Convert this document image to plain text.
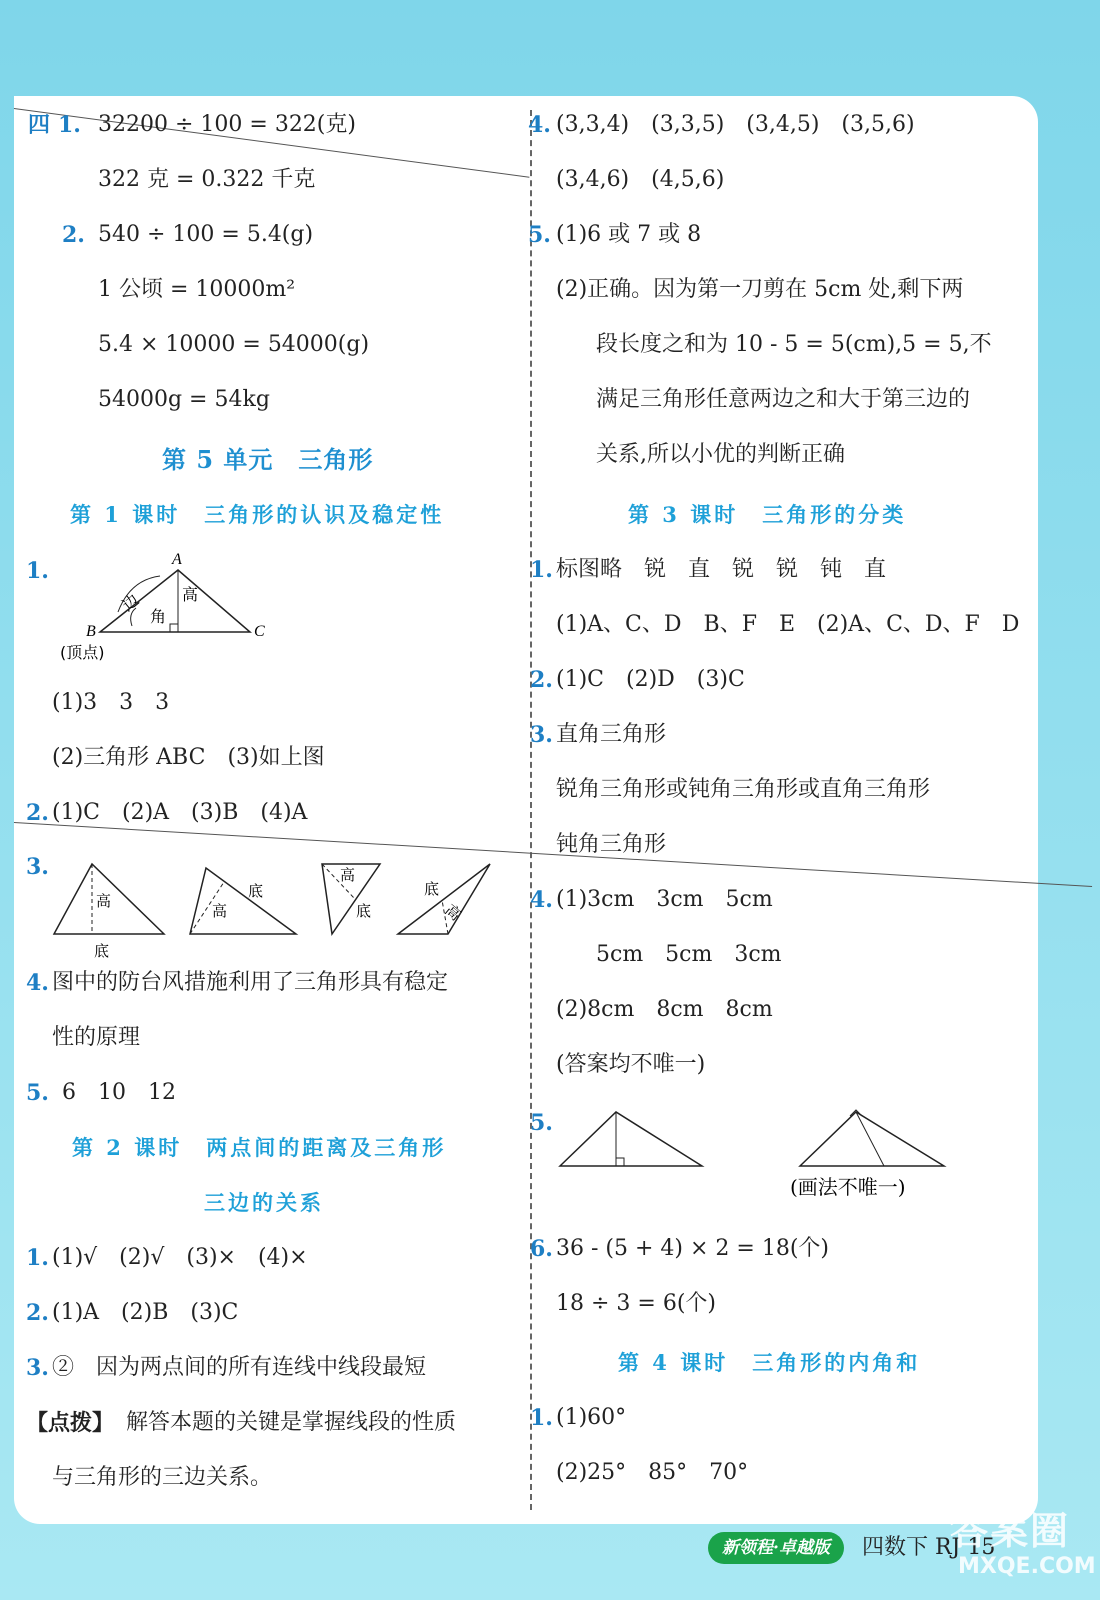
四 1. 32200 ÷ 100 = 322(克)
322 克 = 0.322 千克
2. 540 ÷ 100 = 5.4(g)
1 公顷 = 10000m²
5.4 × 10000 = 54000(g)
54000g = 54kg
第 5 单元　三角形
第 1 课时　三角形的认识及稳定性
1.	A
B	C
边
角
高
(顶点)
(1)3　3　3
(2)三角形 ABC　(3)如上图
2. (1)C　(2)A　(3)B　(4)A
3.
高
底
高
底
高
底
底
高
4. 图中的防台风措施利用了三角形具有稳定
性的原理
5. 6　10　12
第 2 课时　两点间的距离及三角形
三边的关系
1. (1)√　(2)√　(3)×　(4)×
2. (1)A　(2)B　(3)C
3. ②　因为两点间的所有连线中线段最短
【点拨】 解答本题的关键是掌握线段的性质
与三角形的三边关系。
4. (3,3,4)　(3,3,5)　(3,4,5)　(3,5,6)
(3,4,6)　(4,5,6)
5. (1)6 或 7 或 8
(2)正确。因为第一刀剪在 5cm 处,剩下两
段长度之和为 10 - 5 = 5(cm),5 = 5,不
满足三角形任意两边之和大于第三边的
关系,所以小优的判断正确
第 3 课时　三角形的分类
1. 标图略　锐　直　锐　锐　钝　直
(1)A、C、D　B、F　E　(2)A、C、D、F　D
2. (1)C　(2)D　(3)C
3. 直角三角形
锐角三角形或钝角三角形或直角三角形
钝角三角形
4. (1)3cm　3cm　5cm
5cm　5cm　3cm
(2)8cm　8cm　8cm
(答案均不唯一)
5.
(画法不唯一)
6. 36 - (5 + 4) × 2 = 18(个)
18 ÷ 3 = 6(个)
第 4 课时　三角形的内角和
1. (1)60°
(2)25°　85°　70°
新领程·卓越版	四数下 RJ 15
答案圈
MXQE.COM
